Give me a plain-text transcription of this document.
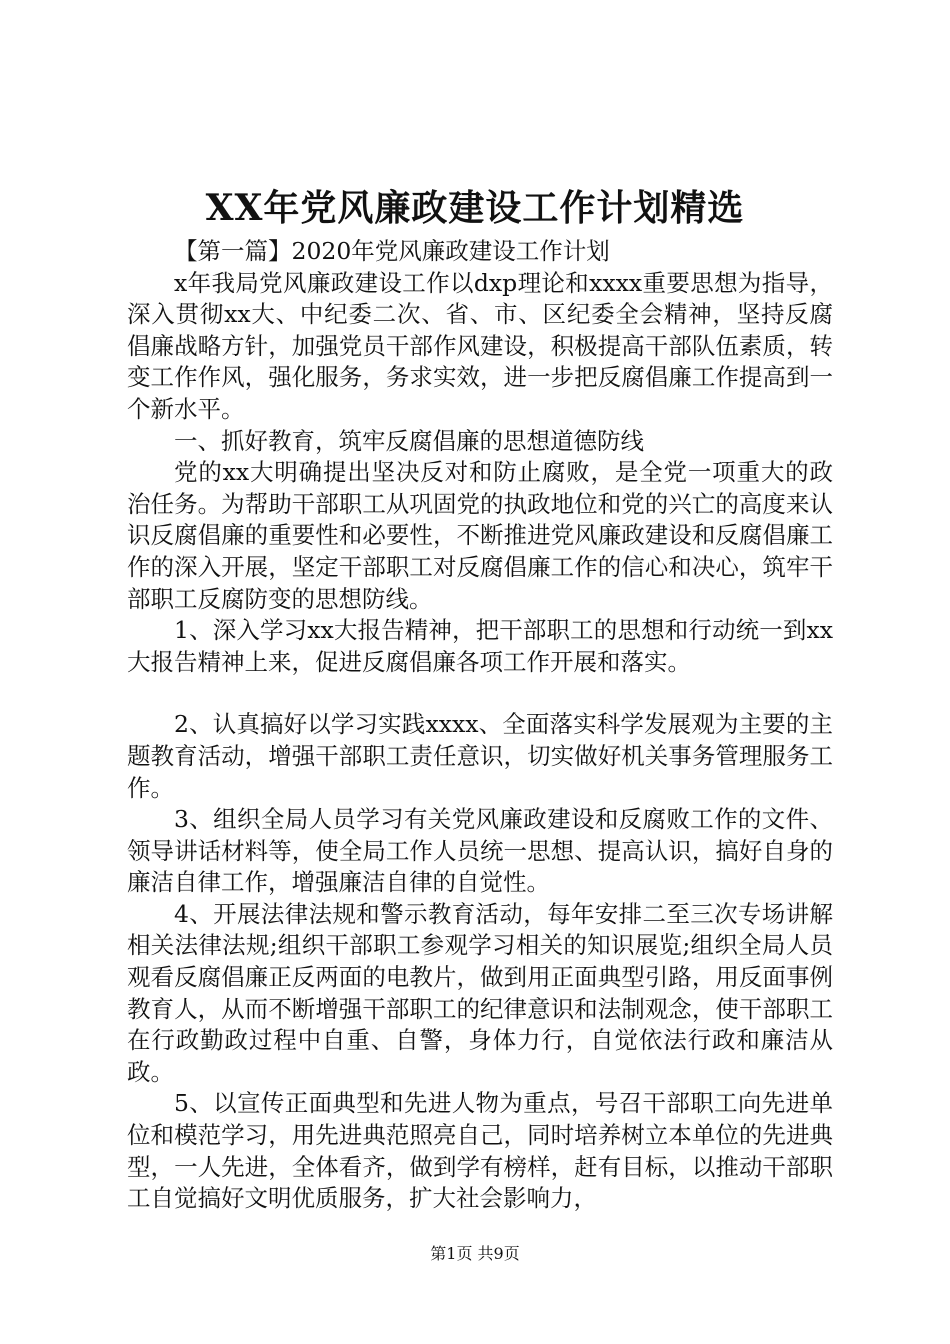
XX年党风廉政建设工作计划精选

【第一篇】2020年党风廉政建设工作计划

x年我局党风廉政建设工作以dxp理论和xxxx重要思想为指导，深入贯彻xx大、中纪委二次、省、市、区纪委全会精神，坚持反腐倡廉战略方针，加强党员干部作风建设，积极提高干部队伍素质，转变工作作风，强化服务，务求实效，进一步把反腐倡廉工作提高到一个新水平。

一、抓好教育，筑牢反腐倡廉的思想道德防线

党的xx大明确提出坚决反对和防止腐败，是全党一项重大的政治任务。为帮助干部职工从巩固党的执政地位和党的兴亡的高度来认识反腐倡廉的重要性和必要性，不断推进党风廉政建设和反腐倡廉工作的深入开展，坚定干部职工对反腐倡廉工作的信心和决心，筑牢干部职工反腐防变的思想防线。

1、深入学习xx大报告精神，把干部职工的思想和行动统一到xx大报告精神上来，促进反腐倡廉各项工作开展和落实。

2、认真搞好以学习实践xxxx、全面落实科学发展观为主要的主题教育活动，增强干部职工责任意识，切实做好机关事务管理服务工作。

3、组织全局人员学习有关党风廉政建设和反腐败工作的文件、领导讲话材料等，使全局工作人员统一思想、提高认识，搞好自身的廉洁自律工作，增强廉洁自律的自觉性。

4、开展法律法规和警示教育活动，每年安排二至三次专场讲解相关法律法规;组织干部职工参观学习相关的知识展览;组织全局人员观看反腐倡廉正反两面的电教片，做到用正面典型引路，用反面事例教育人，从而不断增强干部职工的纪律意识和法制观念，使干部职工在行政勤政过程中自重、自警，身体力行，自觉依法行政和廉洁从政。

5、以宣传正面典型和先进人物为重点，号召干部职工向先进单位和模范学习，用先进典范照亮自己，同时培养树立本单位的先进典型，一人先进，全体看齐，做到学有榜样，赶有目标，以推动干部职工自觉搞好文明优质服务，扩大社会影响力，

第1页 共9页
